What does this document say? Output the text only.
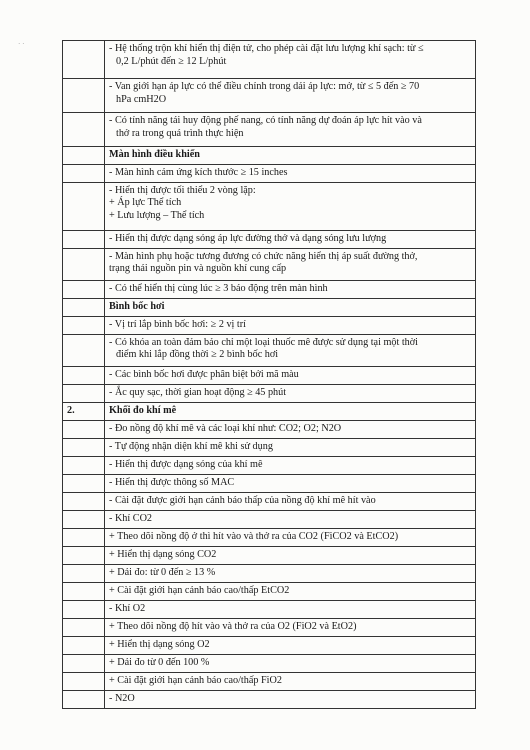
· ·

	- Hệ thống trộn khí hiển thị điện tử, cho phép cài đặt lưu lượng khí sạch: từ ≤
0,2 L/phút đến ≥ 12 L/phút

	- Van giới hạn áp lực có thể điều chỉnh trong dải áp lực: mở, từ ≤ 5 đến ≥ 70
hPa cmH2O

	- Có tính năng tái huy động phế nang, có tính năng dự đoán áp lực hít vào và
thở ra trong quá trình thực hiện

	Màn hình điều khiển

	- Màn hình cảm ứng kích thước ≥ 15 inches

	- Hiển thị được tối thiểu 2 vòng lặp:
+ Áp lực Thể tích
+ Lưu lượng – Thể tích

	- Hiển thị được dạng sóng áp lực đường thở và dạng sóng lưu lượng

	- Màn hình phụ hoặc tương đương có chức năng hiển thị áp suất đường thở,
trạng thái nguồn pin và nguồn khí cung cấp

	- Có thể hiển thị cùng lúc ≥ 3 báo động trên màn hình

	Bình bốc hơi

	- Vị trí lắp bình bốc hơi: ≥ 2 vị trí

	- Có khóa an toàn đảm bảo chỉ một loại thuốc mê được sử dụng tại một thời
điểm khi lắp đồng thời ≥ 2 bình bốc hơi

	- Các bình bốc hơi được phân biệt bởi mã màu

	- Ắc quy sạc, thời gian hoạt động ≥ 45 phút

2.	Khối đo khí mê

	- Đo nồng độ khí mê và các loại khí như: CO2; O2; N2O

	- Tự động nhận diện khí mê khi sử dụng

	- Hiển thị được dạng sóng của khí mê

	- Hiển thị được thông số MAC

	- Cài đặt được giới hạn cảnh báo thấp của nồng độ khí mê hít vào

	- Khí CO2

	+ Theo dõi nồng độ ở thì hít vào và thở ra của CO2 (FiCO2 và EtCO2)

	+ Hiển thị dạng sóng CO2

	+ Dải đo: từ 0 đến ≥ 13 %

	+ Cài đặt giới hạn cảnh báo cao/thấp EtCO2

	- Khí O2

	+ Theo dõi nồng độ hít vào và thở ra của O2 (FiO2 và EtO2)

	+ Hiển thị dạng sóng O2

	+ Dải đo từ 0 đến 100 %

	+ Cài đặt giới hạn cảnh báo cao/thấp FiO2

	- N2O
